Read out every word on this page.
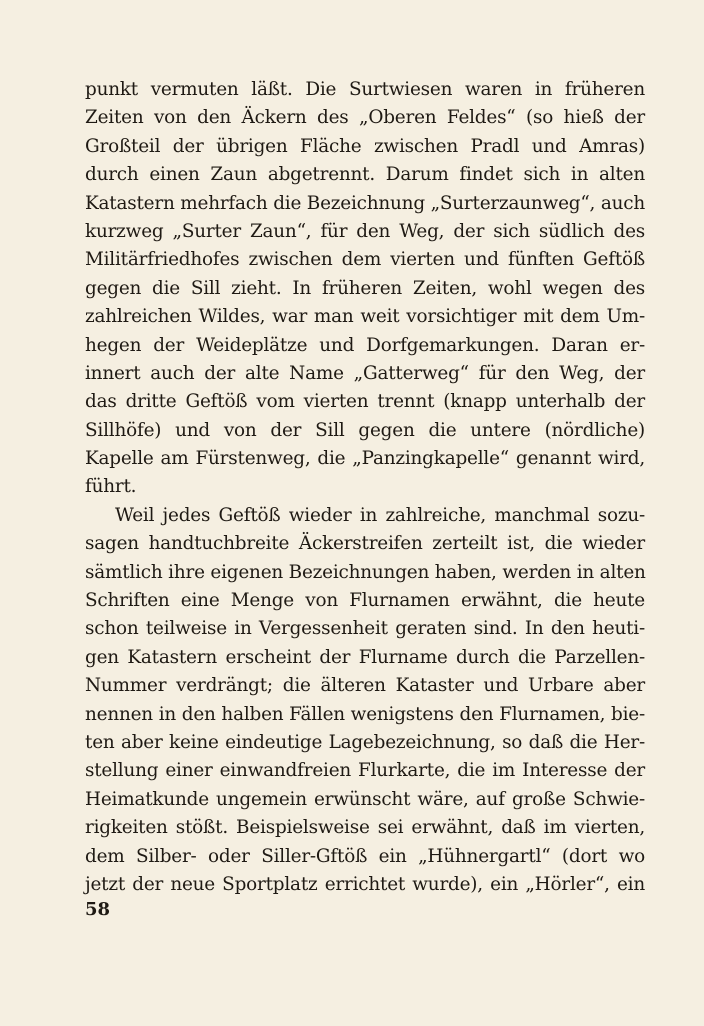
punkt vermuten läßt. Die Surtwiesen waren in früheren
Zeiten von den Äckern des „Oberen Feldes“ (so hieß der
Großteil der übrigen Fläche zwischen Pradl und Amras)
durch einen Zaun abgetrennt. Darum findet sich in alten
Katastern mehrfach die Bezeichnung „Surterzaunweg“, auch
kurzweg „Surter Zaun“, für den Weg, der sich südlich des
Militärfriedhofes zwischen dem vierten und fünften Geftöß
gegen die Sill zieht. In früheren Zeiten, wohl wegen des
zahlreichen Wildes, war man weit vorsichtiger mit dem Um-
hegen der Weideplätze und Dorfgemarkungen. Daran er-
innert auch der alte Name „Gatterweg“ für den Weg, der
das dritte Geftöß vom vierten trennt (knapp unterhalb der
Sillhöfe) und von der Sill gegen die untere (nördliche)
Kapelle am Fürstenweg, die „Panzingkapelle“ genannt wird,
führt.
Weil jedes Geftöß wieder in zahlreiche, manchmal sozu-
sagen handtuchbreite Äckerstreifen zerteilt ist, die wieder
sämtlich ihre eigenen Bezeichnungen haben, werden in alten
Schriften eine Menge von Flurnamen erwähnt, die heute
schon teilweise in Vergessenheit geraten sind. In den heuti-
gen Katastern erscheint der Flurname durch die Parzellen-
Nummer verdrängt; die älteren Kataster und Urbare aber
nennen in den halben Fällen wenigstens den Flurnamen, bie-
ten aber keine eindeutige Lagebezeichnung, so daß die Her-
stellung einer einwandfreien Flurkarte, die im Interesse der
Heimatkunde ungemein erwünscht wäre, auf große Schwie-
rigkeiten stößt. Beispielsweise sei erwähnt, daß im vierten,
dem Silber- oder Siller-Gftöß ein „Hühnergartl“ (dort wo
jetzt der neue Sportplatz errichtet wurde), ein „Hörler“, ein
58
